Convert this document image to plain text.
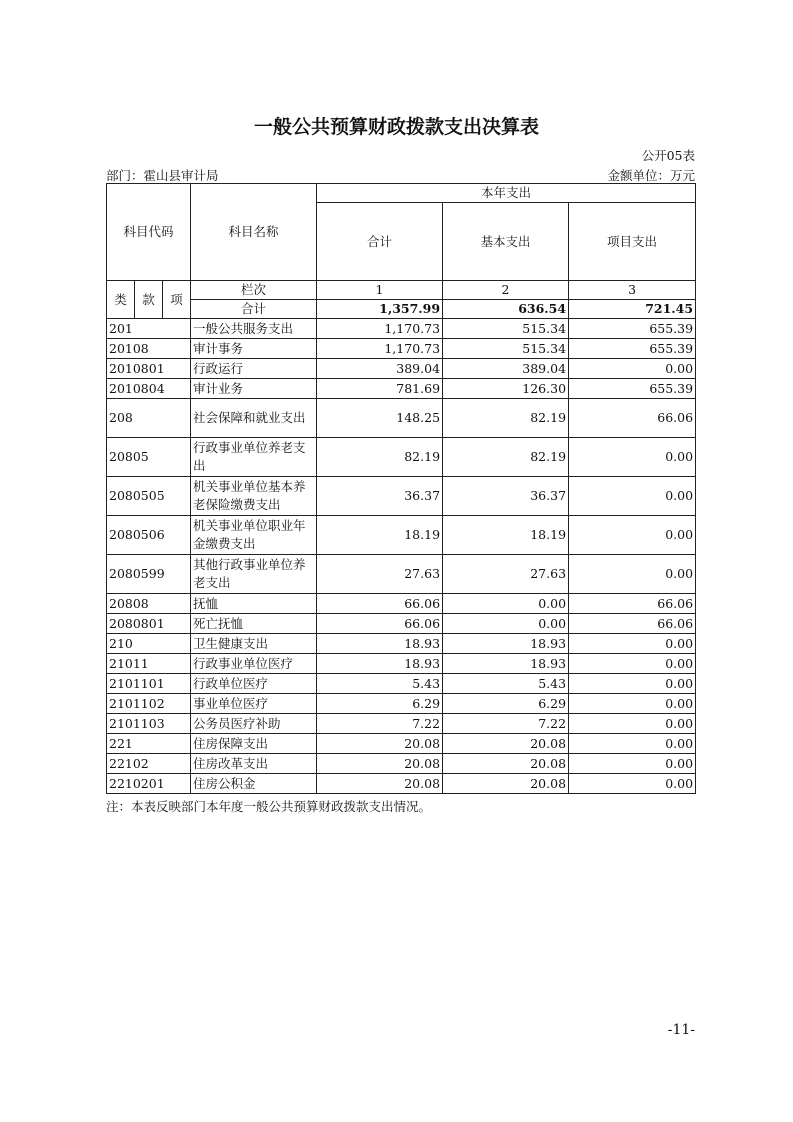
一般公共预算财政拨款支出决算表
公开05表
部门：霍山县审计局	金额单位：万元
科目代码			科目名称	本年支出		
				合计	基本支出	项目支出
类	款	项	栏次	1	2	3
			合计	1,357.99	636.54	721.45
201			一般公共服务支出	1,170.73	515.34	655.39
20108			审计事务	1,170.73	515.34	655.39
2010801			行政运行	389.04	389.04	0.00
2010804			审计业务	781.69	126.30	655.39
208			社会保障和就业支出	148.25	82.19	66.06
20805			行政事业单位养老支出	82.19	82.19	0.00
2080505			机关事业单位基本养老保险缴费支出	36.37	36.37	0.00
2080506			机关事业单位职业年金缴费支出	18.19	18.19	0.00
2080599			其他行政事业单位养老支出	27.63	27.63	0.00
20808			抚恤	66.06	0.00	66.06
2080801			死亡抚恤	66.06	0.00	66.06
210			卫生健康支出	18.93	18.93	0.00
21011			行政事业单位医疗	18.93	18.93	0.00
2101101			行政单位医疗	5.43	5.43	0.00
2101102			事业单位医疗	6.29	6.29	0.00
2101103			公务员医疗补助	7.22	7.22	0.00
221			住房保障支出	20.08	20.08	0.00
22102			住房改革支出	20.08	20.08	0.00
2210201			住房公积金	20.08	20.08	0.00
注：本表反映部门本年度一般公共预算财政拨款支出情况。
-11-
